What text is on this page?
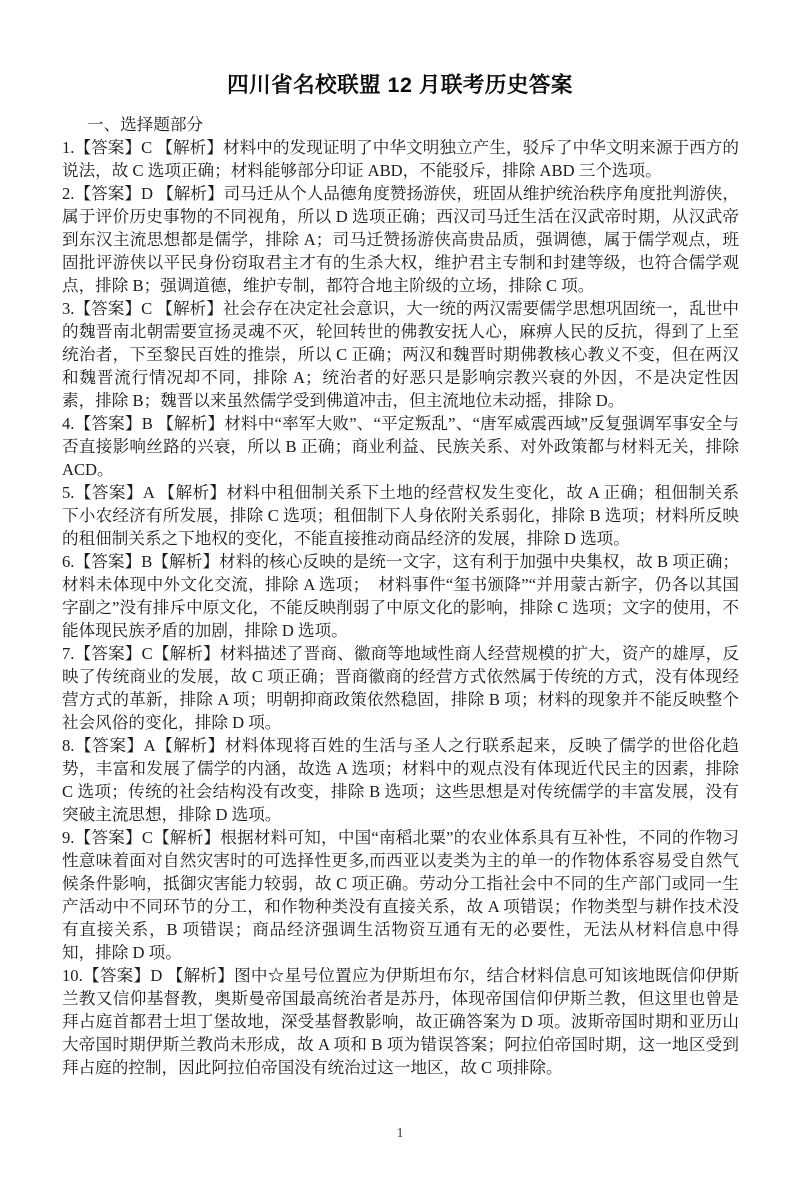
四川省名校联盟 12 月联考历史答案

一、选择题部分

1.【答案】C 【解析】材料中的发现证明了中华文明独立产生，驳斥了中华文明来源于西方的说法，故 C 选项正确；材料能够部分印证 ABD，不能驳斥，排除 ABD 三个选项。

2.【答案】D 【解析】司马迁从个人品德角度赞扬游侠，班固从维护统治秩序角度批判游侠，属于评价历史事物的不同视角，所以 D 选项正确；西汉司马迁生活在汉武帝时期，从汉武帝到东汉主流思想都是儒学，排除 A；司马迁赞扬游侠高贵品质，强调德，属于儒学观点，班固批评游侠以平民身份窃取君主才有的生杀大权，维护君主专制和封建等级，也符合儒学观点，排除 B；强调道德，维护专制，都符合地主阶级的立场，排除 C 项。

3.【答案】C 【解析】社会存在决定社会意识，大一统的两汉需要儒学思想巩固统一，乱世中的魏晋南北朝需要宣扬灵魂不灭，轮回转世的佛教安抚人心，麻痹人民的反抗，得到了上至统治者，下至黎民百姓的推崇，所以 C 正确；两汉和魏晋时期佛教核心教义不变，但在两汉和魏晋流行情况却不同，排除 A；统治者的好恶只是影响宗教兴衰的外因，不是决定性因素，排除 B；魏晋以来虽然儒学受到佛道冲击，但主流地位未动摇，排除 D。

4.【答案】B 【解析】材料中“率军大败”、“平定叛乱”、“唐军威震西域”反复强调军事安全与否直接影响丝路的兴衰，所以 B 正确；商业利益、民族关系、对外政策都与材料无关，排除 ACD。

5.【答案】A 【解析】材料中租佃制关系下土地的经营权发生变化，故 A 正确；租佃制关系下小农经济有所发展，排除 C 选项；租佃制下人身依附关系弱化，排除 B 选项；材料所反映的租佃制关系之下地权的变化，不能直接推动商品经济的发展，排除 D 选项。

6.【答案】B【解析】材料的核心反映的是统一文字，这有利于加强中央集权，故 B 项正确；材料未体现中外文化交流，排除 A 选项；　材料事件“玺书颁降”“并用蒙古新字，仍各以其国字副之”没有排斥中原文化，不能反映削弱了中原文化的影响，排除 C 选项；文字的使用，不能体现民族矛盾的加剧，排除 D 选项。

7.【答案】C【解析】材料描述了晋商、徽商等地域性商人经营规模的扩大，资产的雄厚，反映了传统商业的发展，故 C 项正确；晋商徽商的经营方式依然属于传统的方式，没有体现经营方式的革新，排除 A 项；明朝抑商政策依然稳固，排除 B 项；材料的现象并不能反映整个社会风俗的变化，排除 D 项。

8.【答案】A【解析】材料体现将百姓的生活与圣人之行联系起来，反映了儒学的世俗化趋势，丰富和发展了儒学的内涵，故选 A 选项；材料中的观点没有体现近代民主的因素，排除 C 选项；传统的社会结构没有改变，排除 B 选项；这些思想是对传统儒学的丰富发展，没有突破主流思想，排除 D 选项。

9.【答案】C【解析】根据材料可知，中国“南稻北粟”的农业体系具有互补性，不同的作物习性意味着面对自然灾害时的可选择性更多,而西亚以麦类为主的单一的作物体系容易受自然气候条件影响，抵御灾害能力较弱，故 C 项正确。劳动分工指社会中不同的生产部门或同一生产活动中不同环节的分工，和作物种类没有直接关系，故 A 项错误；作物类型与耕作技术没有直接关系，B 项错误；商品经济强调生活物资互通有无的必要性，无法从材料信息中得知，排除 D 项。

10.【答案】D 【解析】图中☆星号位置应为伊斯坦布尔，结合材料信息可知该地既信仰伊斯兰教又信仰基督教，奥斯曼帝国最高统治者是苏丹，体现帝国信仰伊斯兰教，但这里也曾是拜占庭首都君士坦丁堡故地，深受基督教影响，故正确答案为 D 项。波斯帝国时期和亚历山大帝国时期伊斯兰教尚未形成，故 A 项和 B 项为错误答案；阿拉伯帝国时期，这一地区受到拜占庭的控制，因此阿拉伯帝国没有统治过这一地区，故 C 项排除。

1
